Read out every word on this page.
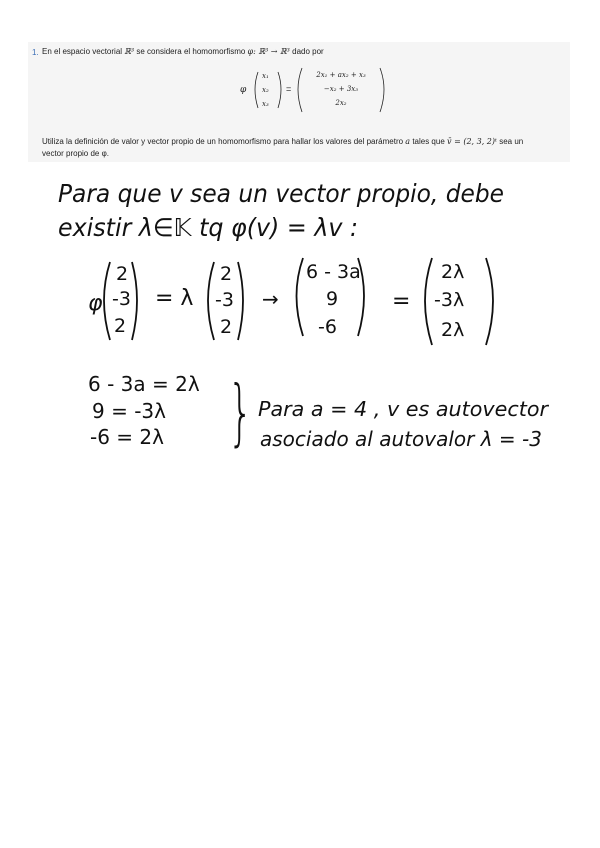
1. En el espacio vectorial ℝ³ se considera el homomorfismo φ: ℝ³ → ℝ³ dado por
φ
x₁
x₂
x₃
=
2x₁ + ax₂ + x₃
−x₂ + 3x₃
2x₂
Utiliza la definición de valor y vector propio de un homomorfismo para hallar los valores del parámetro a tales que v̄ = (2, 3, 2)ᵗ sea un
vector propio de φ.
Para que v sea un vector propio, debe
existir λ∈𝕂 tq φ(v) = λv :
φ
2
-3
2
= λ
2
-3
2
→
6 - 3a
9
-6
=
2λ
-3λ
2λ
6 - 3a = 2λ
9 = -3λ
-6 = 2λ } Para a = 4 , v es autovector
asociado al autovalor λ = -3
